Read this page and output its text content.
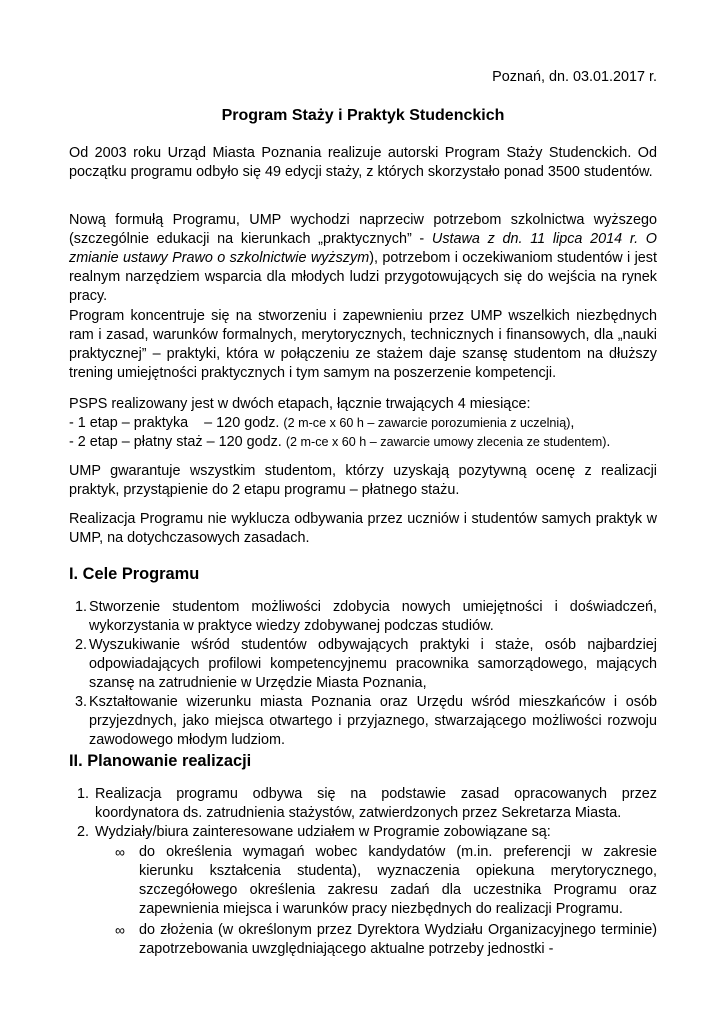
Poznań, dn. 03.01.2017 r.
Program Staży i Praktyk Studenckich
Od 2003 roku Urząd Miasta Poznania realizuje autorski Program Staży Studenckich. Od początku programu odbyło się 49 edycji staży, z których skorzystało ponad 3500 studentów.
Nową formułą Programu, UMP wychodzi naprzeciw potrzebom szkolnictwa wyższego (szczególnie edukacji na kierunkach „praktycznych” - Ustawa z dn. 11 lipca 2014 r. O zmianie ustawy Prawo o szkolnictwie wyższym), potrzebom i oczekiwaniom studentów i jest realnym narzędziem wsparcia dla młodych ludzi przygotowujących się do wejścia na rynek pracy.
Program koncentruje się na stworzeniu i zapewnieniu przez UMP wszelkich niezbędnych ram i zasad, warunków formalnych, merytorycznych, technicznych i finansowych, dla „nauki praktycznej” – praktyki, która w połączeniu ze stażem daje szansę studentom na dłuższy trening umiejętności praktycznych i tym samym na poszerzenie kompetencji.
PSPS realizowany jest w dwóch etapach, łącznie trwających 4 miesiące:
- 1 etap – praktyka    – 120 godz. (2 m-ce x 60 h – zawarcie porozumienia z uczelnią),
- 2 etap – płatny staż – 120 godz. (2 m-ce x 60 h – zawarcie umowy zlecenia ze studentem).
UMP gwarantuje wszystkim studentom, którzy uzyskają pozytywną ocenę z realizacji praktyk, przystąpienie do 2 etapu programu – płatnego stażu.
Realizacja Programu nie wyklucza odbywania przez uczniów i studentów samych praktyk w UMP, na dotychczasowych zasadach.
I. Cele Programu
1. Stworzenie studentom możliwości zdobycia nowych umiejętności i doświadczeń, wykorzystania w praktyce wiedzy zdobywanej podczas studiów.
2. Wyszukiwanie wśród studentów odbywających praktyki i staże, osób najbardziej odpowiadających profilowi kompetencyjnemu pracownika samorządowego, mających szansę na zatrudnienie w Urzędzie Miasta Poznania,
3. Kształtowanie wizerunku miasta Poznania oraz Urzędu wśród mieszkańców i osób przyjezdnych, jako miejsca otwartego i przyjaznego, stwarzającego możliwości rozwoju zawodowego młodym ludziom.
II. Planowanie realizacji
1. Realizacja programu odbywa się na podstawie zasad opracowanych przez koordynatora ds. zatrudnienia stażystów, zatwierdzonych przez Sekretarza Miasta.
2. Wydziały/biura zainteresowane udziałem w Programie zobowiązane są:
∞ do określenia wymagań wobec kandydatów (m.in. preferencji w zakresie kierunku kształcenia studenta), wyznaczenia opiekuna merytorycznego, szczegółowego określenia zakresu zadań dla uczestnika Programu oraz zapewnienia miejsca i warunków pracy niezbędnych do realizacji Programu.
∞ do złożenia (w określonym przez Dyrektora Wydziału Organizacyjnego terminie) zapotrzebowania uwzględniającego aktualne potrzeby jednostki -
